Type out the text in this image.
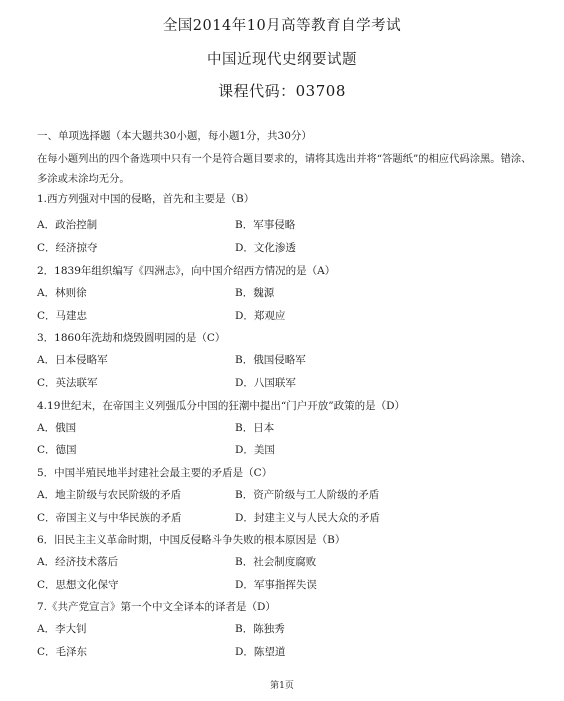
全国2014年10月高等教育自学考试
中国近现代史纲要试题
课程代码：03708
一、单项选择题（本大题共30小题，每小题1分，共30分）
在每小题列出的四个备选项中只有一个是符合题目要求的，请将其选出并将“答题纸”的相应代码涂黑。错涂、多涂或未涂均无分。
1.西方列强对中国的侵略，首先和主要是（B）
A．政治控制	B．军事侵略
C．经济掠夺	D．文化渗透
2．1839年组织编写《四洲志》，向中国介绍西方情况的是（A）
A．林则徐	B．魏源
C．马建忠	D．郑观应
3．1860年洗劫和烧毁圆明园的是（C）
A．日本侵略军	B．俄国侵略军
C．英法联军	D．八国联军
4.19世纪末，在帝国主义列强瓜分中国的狂潮中提出“门户开放”政策的是（D）
A．俄国	B．日本
C．德国	D．美国
5．中国半殖民地半封建社会最主要的矛盾是（C）
A．地主阶级与农民阶级的矛盾	B．资产阶级与工人阶级的矛盾
C．帝国主义与中华民族的矛盾	D．封建主义与人民大众的矛盾
6．旧民主主义革命时期，中国反侵略斗争失败的根本原因是（B）
A．经济技术落后	B．社会制度腐败
C．思想文化保守	D．军事指挥失误
7.《共产党宣言》第一个中文全译本的译者是（D）
A．李大钊	B．陈独秀
C．毛泽东	D．陈望道
第1页
